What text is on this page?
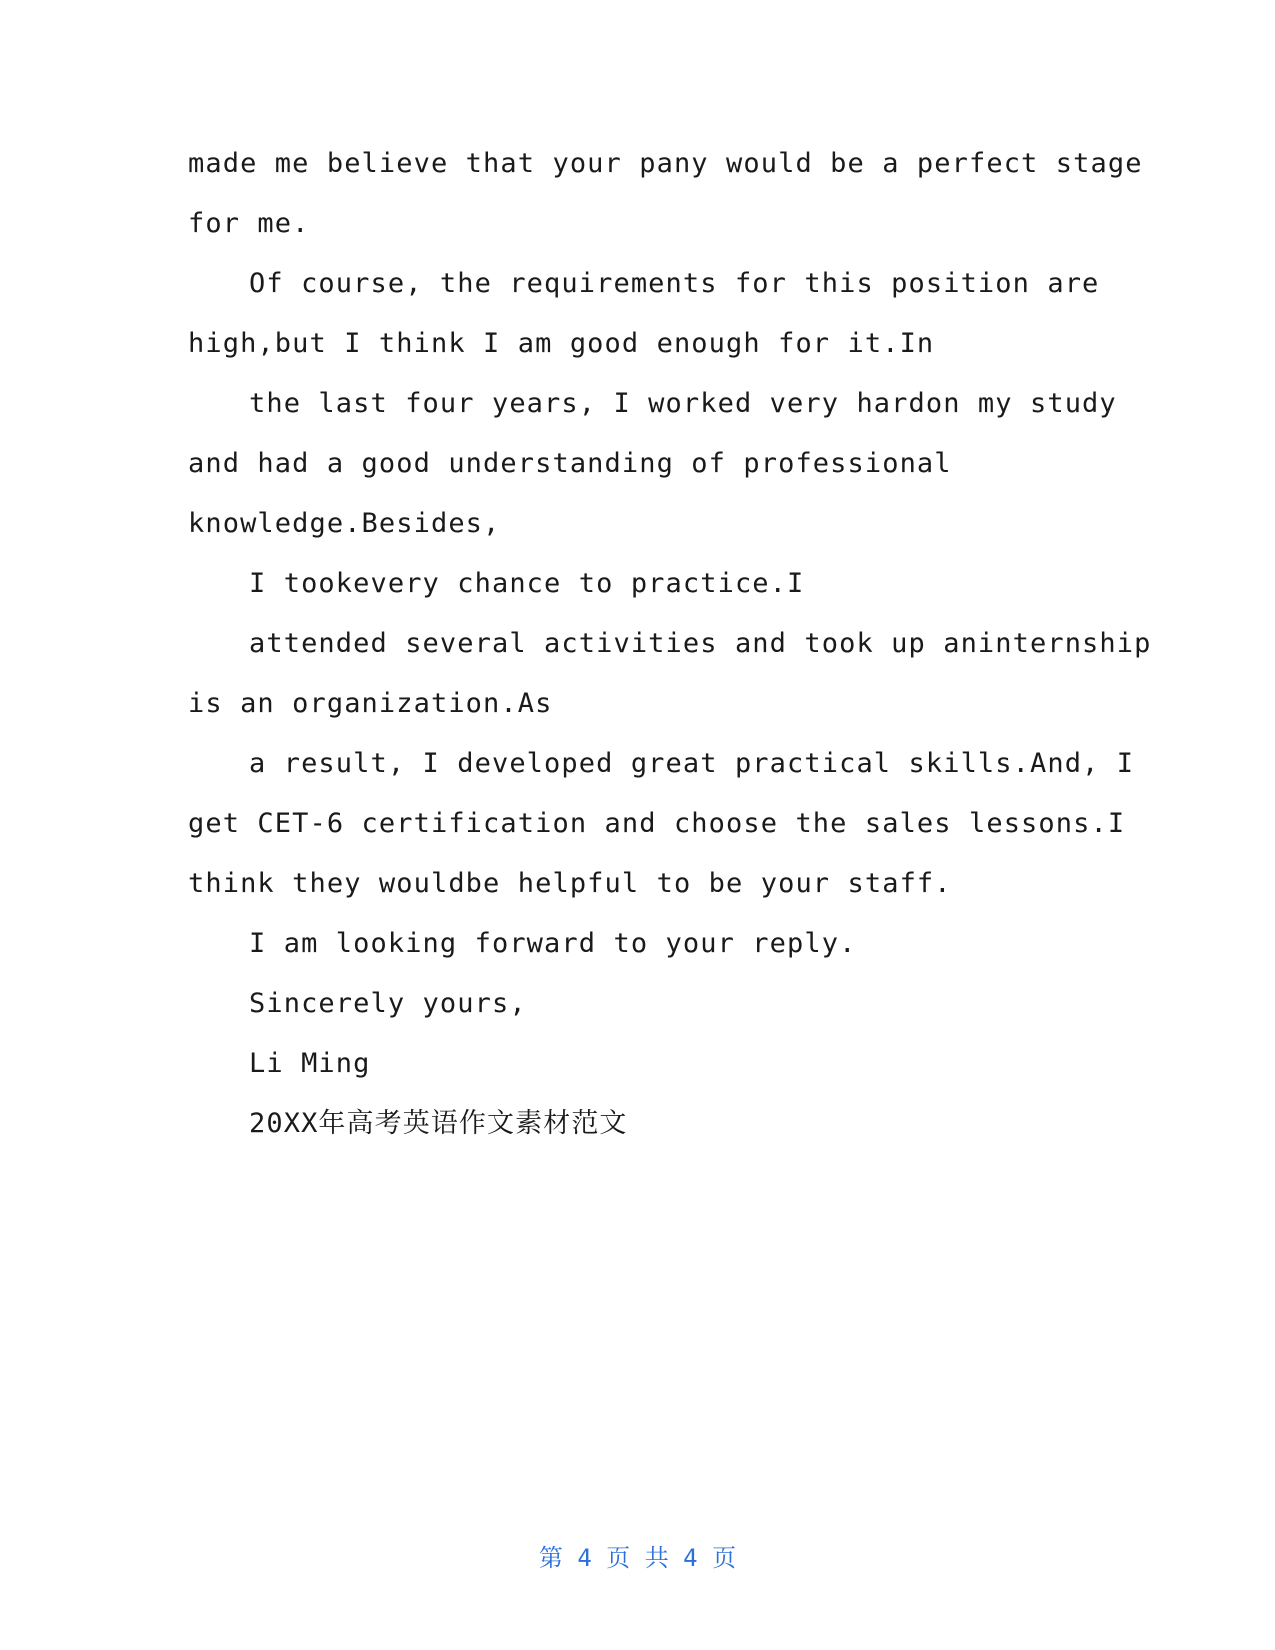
made me believe that your pany would be a perfect stage
for me.
Of course, the requirements for this position are
high,but I think I am good enough for it.In
the last four years, I worked very hardon my study
and had a good understanding of professional
knowledge.Besides,
I tookevery chance to practice.I
attended several activities and took up aninternship
is an organization.As
a result, I developed great practical skills.And, I
get CET-6 certification and choose the sales lessons.I
think they wouldbe helpful to be your staff.
I am looking forward to your reply.
Sincerely yours,
Li Ming
20XX年高考英语作文素材范文
第 4 页 共 4 页
